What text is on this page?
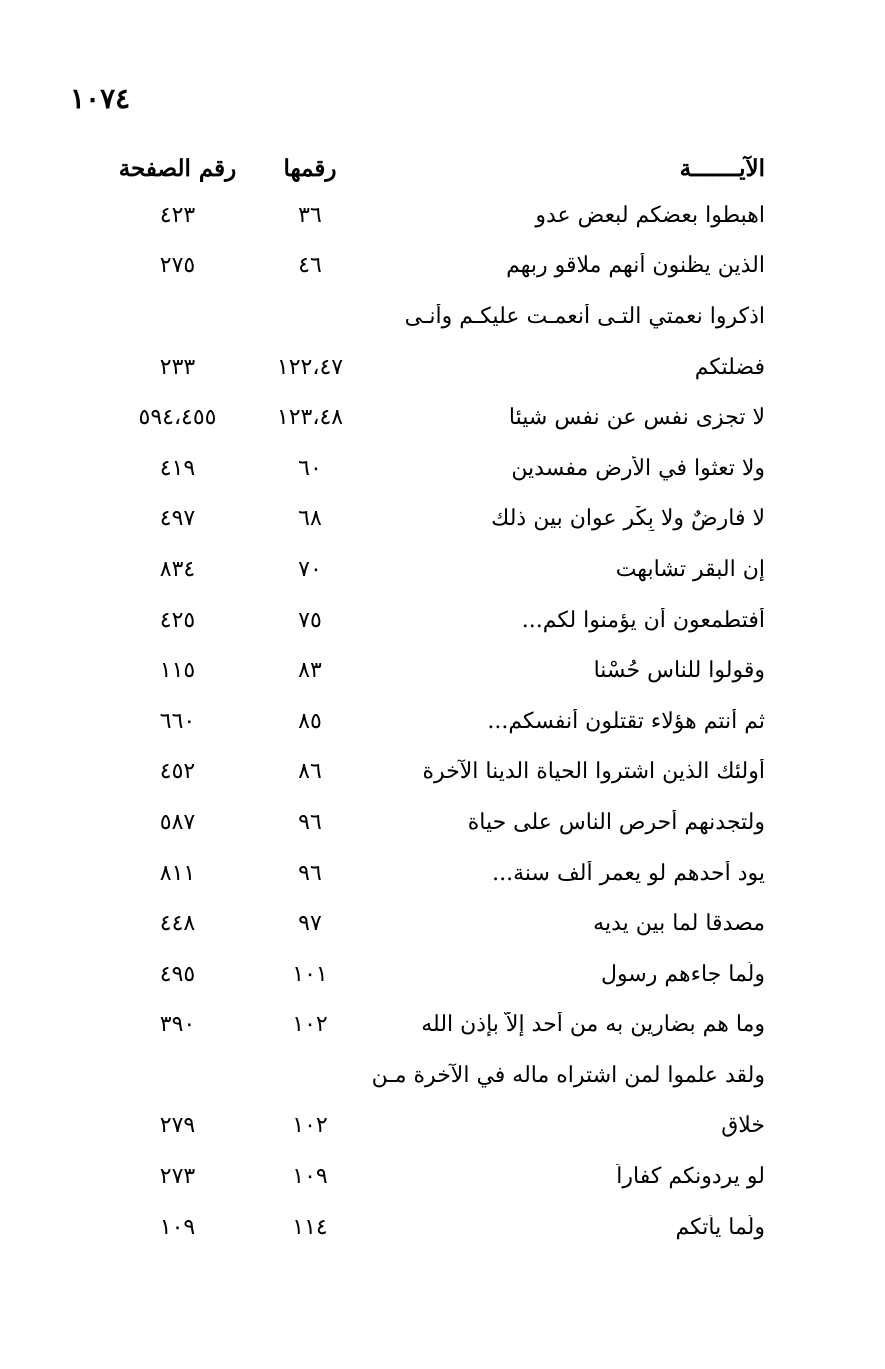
١٠٧٤
الآيـــــــة
رقمها
رقم الصفحة
اهبطوا بعضكم لبعض عدو
٣٦
٤٢٣
الذين يظنون أنهم ملاقو ربهم
٤٦
٢٧٥
اذكروا نعمتي التـى أنعمـت عليكـم وأنـى
فضلتكم
١٢٢،٤٧
٢٣٣
لا تجزى نفس عن نفس شيئا
١٢٣،٤٨
٥٩٤،٤٥٥
ولا تعثوا في الأرض مفسدين
٦٠
٤١٩
لا فارضٌ ولا بِكْر عوان بين ذلك
٦٨
٤٩٧
إن البقر تشابهت
٧٠
٨٣٤
أفتطمعون أن يؤمنوا لكم...
٧٥
٤٢٥
وقولوا للناس حُسْنا
٨٣
١١٥
ثم أنتم هؤلاء تقتلون أنفسكم...
٨٥
٦٦٠
أولئك الذين اشتروا الحياة الدينا الآخرة
٨٦
٤٥٢
ولتجدنهم أحرص الناس على حياة
٩٦
٥٨٧
يود أحدهم لو يعمر ألف سنة...
٩٦
٨١١
مصدقا لما بين يديه
٩٧
٤٤٨
ولّما جاءهم رسول
١٠١
٤٩٥
وما هم بضارين به من أحد إلاّ بإذن الله
١٠٢
٣٩٠
ولقد علموا لمن اشتراه ماله في الآخرة مـن
خلاق
١٠٢
٢٧٩
لو يردونكم كفاراً
١٠٩
٢٧٣
ولّما يأتكم
١١٤
١٠٩
